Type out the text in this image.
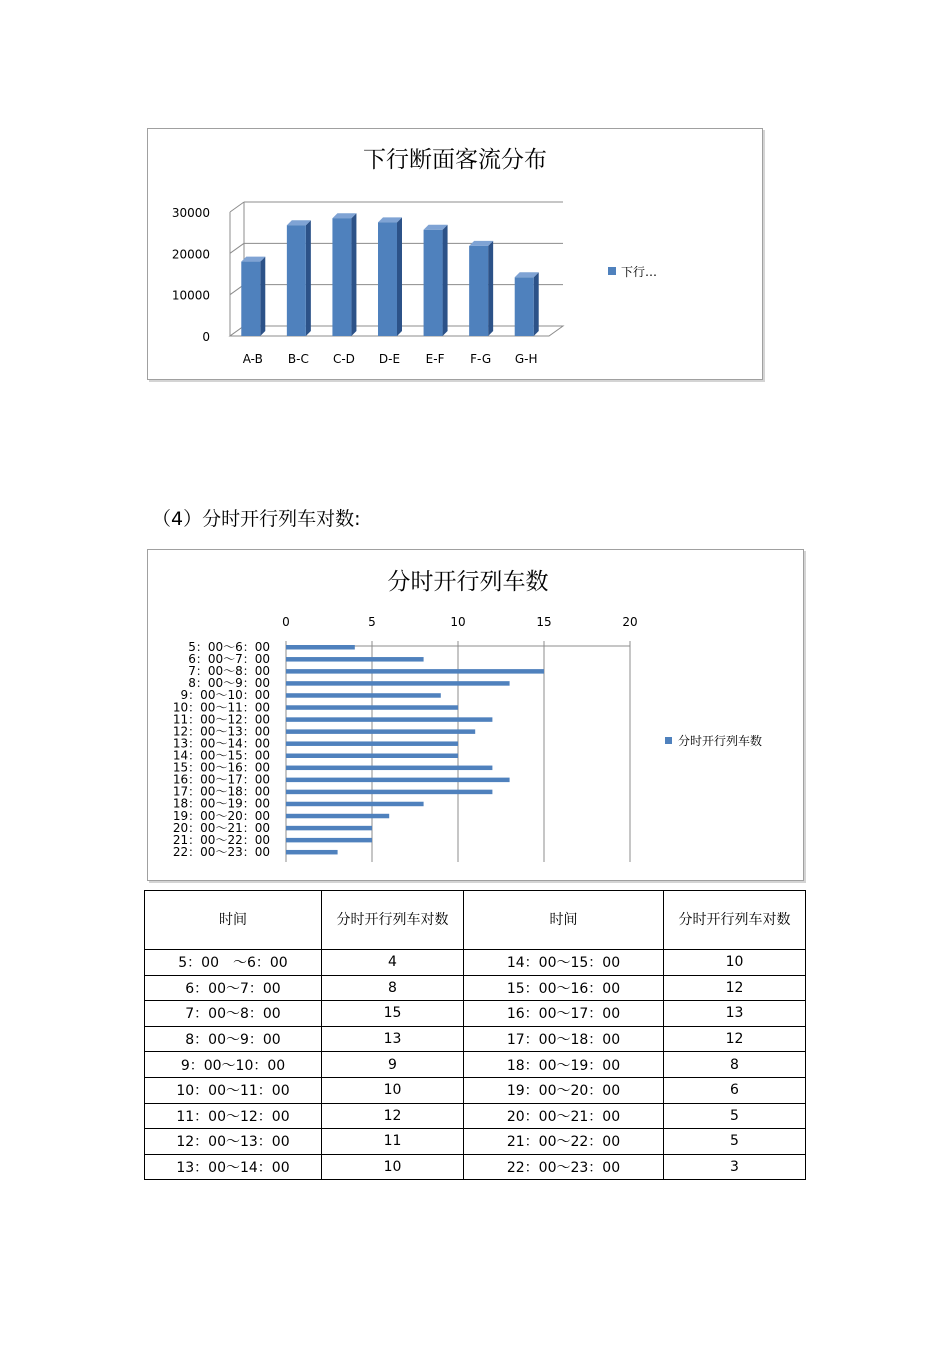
下行断面客流分布
0
10000
20000
30000
A-B B-C C-D D-E E-F F-G G-H
下行…
（4）分时开行列车对数:
分时开行列车数
0	5	10	15	20
5：00～6：00
6：00～7：00
7：00～8：00
8：00～9：00
9：00～10：00
10：00～11：00
11：00～12：00
12：00～13：00
13：00～14：00
14：00～15：00
15：00～16：00
16：00～17：00
17：00～18：00
18：00～19：00
19：00～20：00
20：00～21：00
21：00～22：00
22：00～23：00
分时开行列车数
时间	分时开行列车对数	时间	分时开行列车对数
5：00　～6：00	4	14：00～15：00	10
6：00～7：00	8	15：00～16：00	12
7：00～8：00	15	16：00～17：00	13
8：00～9：00	13	17：00～18：00	12
9：00～10：00	9	18：00～19：00	8
10：00～11：00	10	19：00～20：00	6
11：00～12：00	12	20：00～21：00	5
12：00～13：00	11	21：00～22：00	5
13：00～14：00	10	22：00～23：00	3
